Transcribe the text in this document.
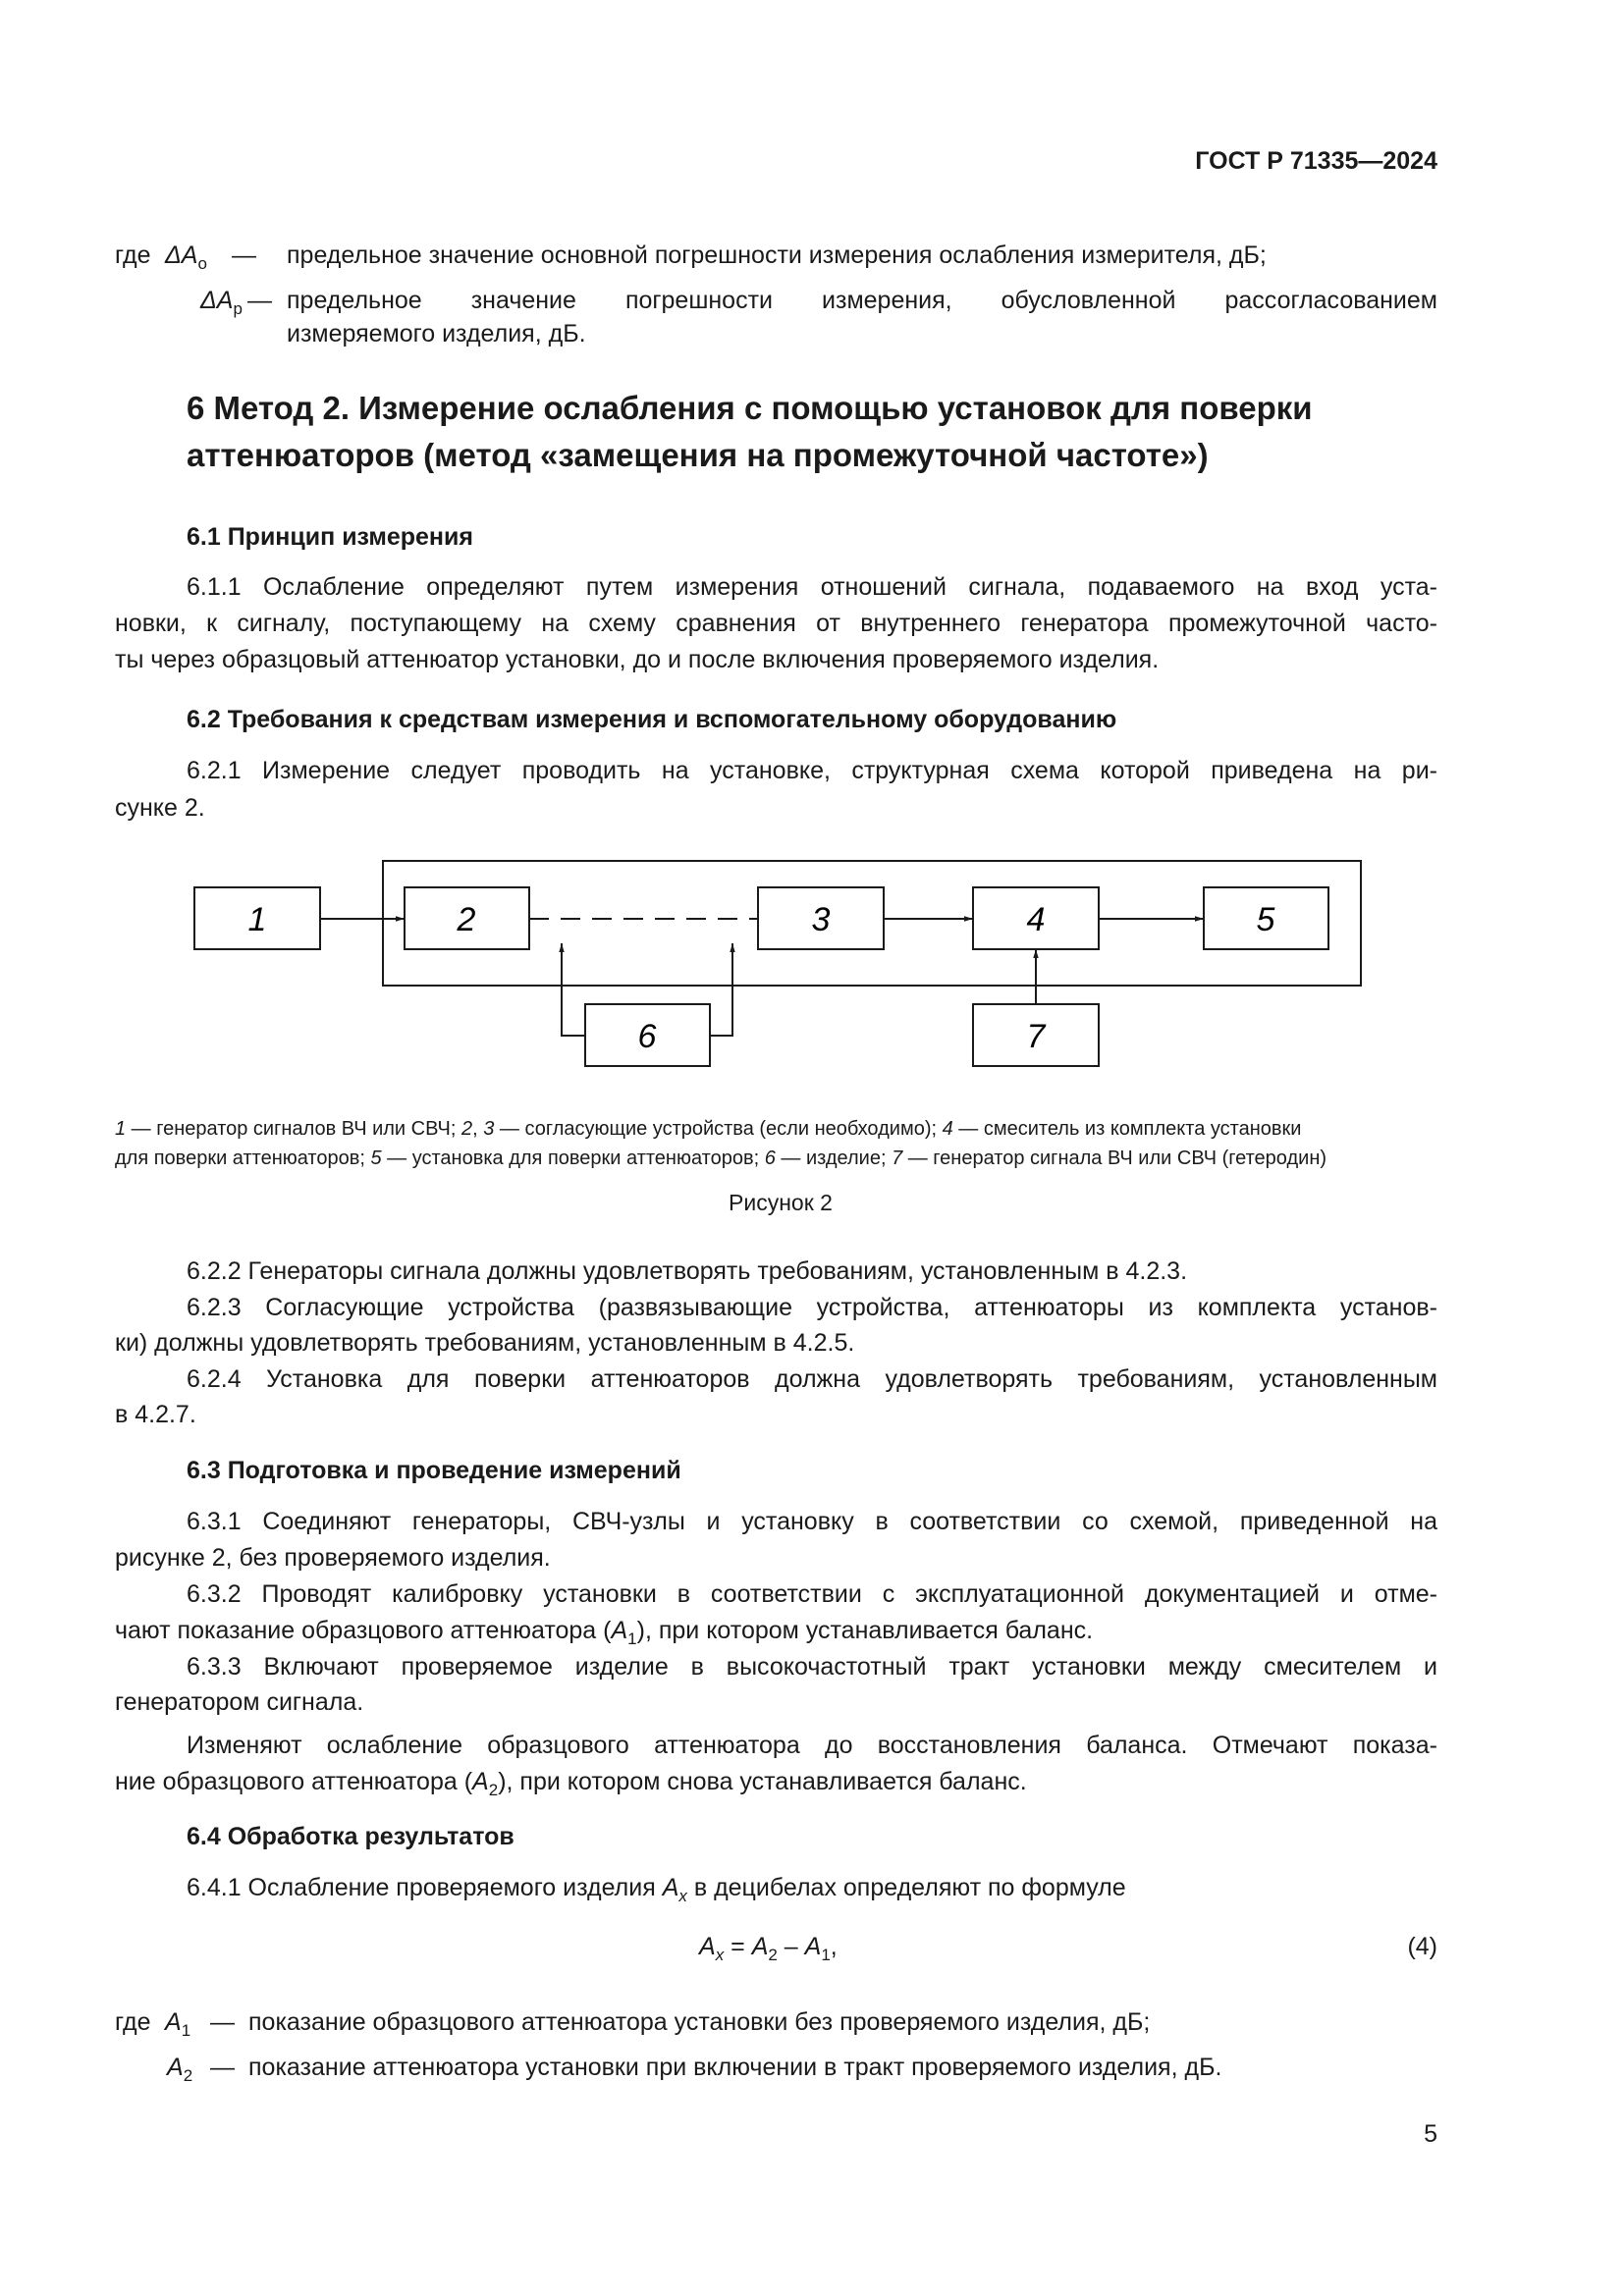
ГОСТ Р 71335—2024
где $\Delta A_о$ — предельное значение основной погрешности измерения ослабления измерителя, дБ;
$\Delta A_р$ — предельное значение погрешности измерения, обусловленной рассогласованием
измеряемого изделия, дБ.
6 Метод 2. Измерение ослабления с помощью установок для поверки
аттенюаторов (метод «замещения на промежуточной частоте»)
6.1 Принцип измерения
6.1.1 Ослабление определяют путем измерения отношений сигнала, подаваемого на вход уста-
новки, к сигналу, поступающему на схему сравнения от внутреннего генератора промежуточной часто-
ты через образцовый аттенюатор установки, до и после включения проверяемого изделия.
6.2 Требования к средствам измерения и вспомогательному оборудованию
6.2.1 Измерение следует проводить на установке, структурная схема которой приведена на ри-
сунке 2.
1	2	3	4	5
6	7
1 — генератор сигналов ВЧ или СВЧ; 2, 3 — согласующие устройства (если необходимо); 4 — смеситель из комплекта установки
для поверки аттенюаторов; 5 — установка для поверки аттенюаторов; 6 — изделие; 7 — генератор сигнала ВЧ или СВЧ (гетеродин)
Рисунок 2
6.2.2 Генераторы сигнала должны удовлетворять требованиям, установленным в 4.2.3.
6.2.3 Согласующие устройства (развязывающие устройства, аттенюаторы из комплекта установ-
ки) должны удовлетворять требованиям, установленным в 4.2.5.
6.2.4 Установка для поверки аттенюаторов должна удовлетворять требованиям, установленным
в 4.2.7.
6.3 Подготовка и проведение измерений
6.3.1 Соединяют генераторы, СВЧ-узлы и установку в соответствии со схемой, приведенной на
рисунке 2, без проверяемого изделия.
6.3.2 Проводят калибровку установки в соответствии с эксплуатационной документацией и отме-
чают показание образцового аттенюатора $(A_1)$, при котором устанавливается баланс.
6.3.3 Включают проверяемое изделие в высокочастотный тракт установки между смесителем и
генератором сигнала.
Изменяют ослабление образцового аттенюатора до восстановления баланса. Отмечают показа-
ние образцового аттенюатора $(A_2)$, при котором снова устанавливается баланс.
6.4 Обработка результатов
6.4.1 Ослабление проверяемого изделия $A_x$ в децибелах определяют по формуле
$A_x = A_2 - A_1$,	(4)
где $A_1$ — показание образцового аттенюатора установки без проверяемого изделия, дБ;
$A_2$ — показание аттенюатора установки при включении в тракт проверяемого изделия, дБ.
5
